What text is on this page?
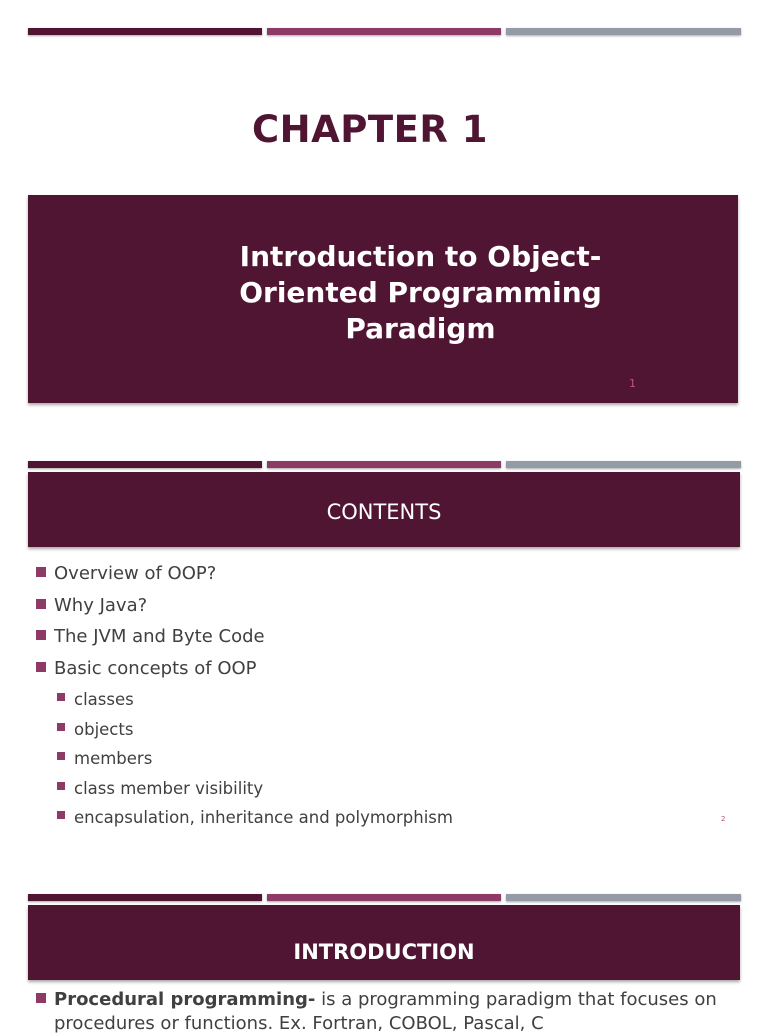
CHAPTER 1
Introduction to Object-
Oriented Programming
Paradigm
1
CONTENTS
Overview of OOP?
Why Java?
The JVM and Byte Code
Basic concepts of OOP
classes
objects
members
class member visibility
encapsulation, inheritance and polymorphism	2
INTRODUCTION
Procedural programming- is a programming paradigm that focuses on procedures or functions. Ex. Fortran, COBOL, Pascal, C
